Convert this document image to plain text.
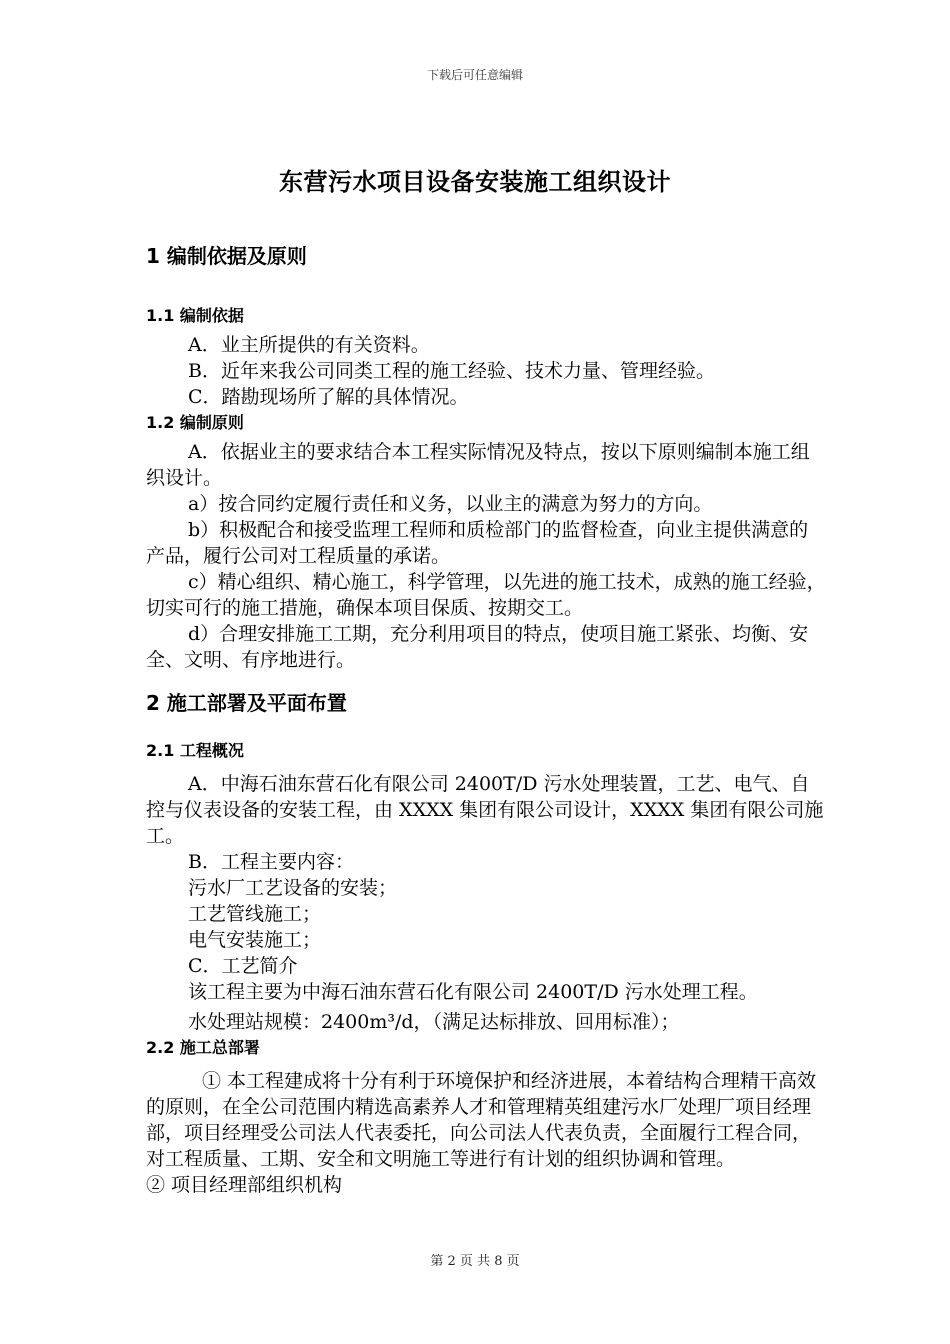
下载后可任意编辑
东营污水项目设备安装施工组织设计
1 编制依据及原则
1.1 编制依据

A．业主所提供的有关资料。

B．近年来我公司同类工程的施工经验、技术力量、管理经验。

C．踏勘现场所了解的具体情况。

1.2 编制原则

A．依据业主的要求结合本工程实际情况及特点，按以下原则编制本施工组织设计。

a）按合同约定履行责任和义务，以业主的满意为努力的方向。

b）积极配合和接受监理工程师和质检部门的监督检查，向业主提供满意的产品，履行公司对工程质量的承诺。

c）精心组织、精心施工，科学管理，以先进的施工技术，成熟的施工经验，切实可行的施工措施，确保本项目保质、按期交工。

d）合理安排施工工期，充分利用项目的特点，使项目施工紧张、均衡、安全、文明、有序地进行。

2 施工部署及平面布置
2.1 工程概况

A．中海石油东营石化有限公司 2400T/D 污水处理装置，工艺、电气、自控与仪表设备的安装工程，由 XXXX 集团有限公司设计，XXXX 集团有限公司施工。

B．工程主要内容：

污水厂工艺设备的安装；

工艺管线施工；

电气安装施工；

C．工艺简介

该工程主要为中海石油东营石化有限公司 2400T/D 污水处理工程。

水处理站规模：2400m³/d，（满足达标排放、回用标准）；

2.2 施工总部署

① 本工程建成将十分有利于环境保护和经济进展，本着结构合理精干高效的原则，在全公司范围内精选高素养人才和管理精英组建污水厂处理厂项目经理部，项目经理受公司法人代表委托，向公司法人代表负责，全面履行工程合同，对工程质量、工期、安全和文明施工等进行有计划的组织协调和管理。

② 项目经理部组织机构

第 2 页 共 8 页
